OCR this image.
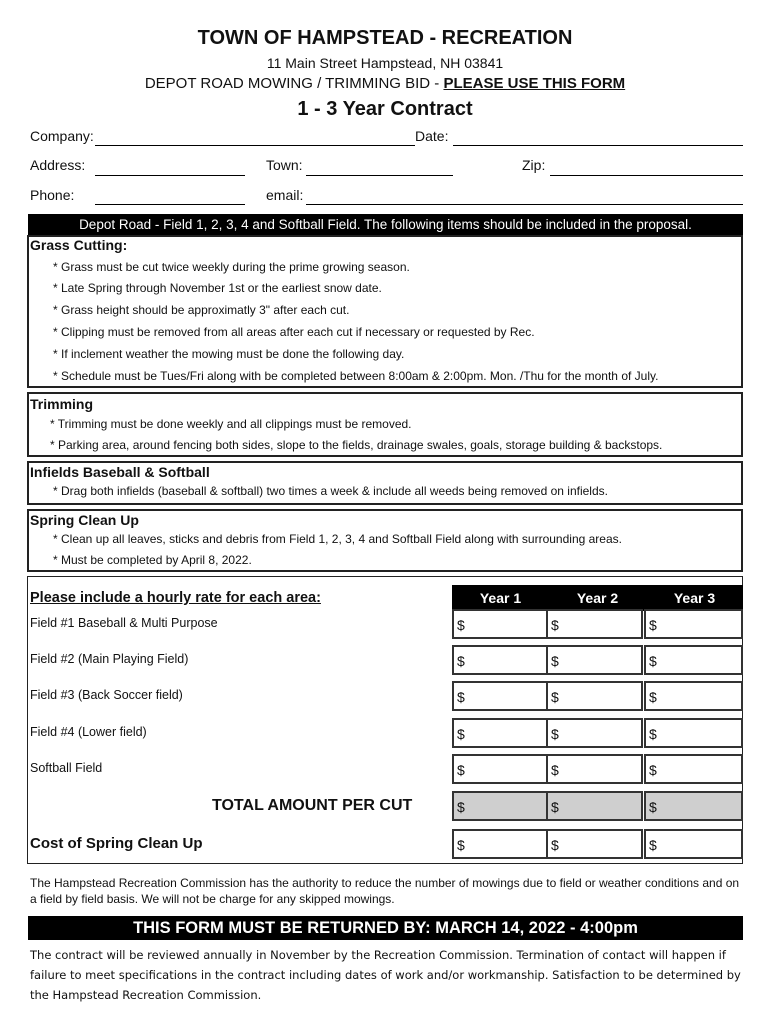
TOWN OF HAMPSTEAD - RECREATION
11 Main Street Hampstead, NH 03841
DEPOT ROAD MOWING / TRIMMING BID - PLEASE USE THIS FORM
1 - 3 Year Contract
Company:	Date:
Address:	Town:	Zip:
Phone:	email:
Depot Road - Field 1, 2, 3, 4 and Softball Field. The following items should be included in the proposal.
Grass Cutting:
* Grass must be cut twice weekly during the prime growing season.
* Late Spring through November 1st or the earliest snow date.
* Grass height should be approximatly 3" after each cut.
* Clipping must be removed from all areas after each cut if necessary or requested by Rec.
* If inclement weather the mowing must be done the following day.
* Schedule must be Tues/Fri along with be completed between 8:00am & 2:00pm. Mon. /Thu for the month of July.
Trimming
* Trimming must be done weekly and all clippings must be removed.
* Parking area, around fencing both sides, slope to the fields, drainage swales, goals, storage building & backstops.
Infields Baseball & Softball
* Drag both infields (baseball & softball) two times a week & include all weeds being removed on infields.
Spring Clean Up
* Clean up all leaves, sticks and debris from Field 1, 2, 3, 4 and Softball Field along with surrounding areas.
* Must be completed by April 8, 2022.
Please include a hourly rate for each area:	Year 1	Year 2	Year 3
Field #1 Baseball & Multi Purpose	$	$	$
Field #2 (Main Playing Field)	$	$	$
Field #3 (Back Soccer field)	$	$	$
Field #4 (Lower field)	$	$	$
Softball Field	$	$	$
TOTAL AMOUNT PER CUT	$	$	$
Cost of Spring Clean Up	$	$	$
The Hampstead Recreation Commission has the authority to reduce the number of mowings due to field or weather conditions and on a field by field basis. We will not be charge for any skipped mowings.
THIS FORM MUST BE RETURNED BY: MARCH 14, 2022 - 4:00pm
The contract will be reviewed annually in November by the Recreation Commission. Termination of contact will happen if failure to meet specifications in the contract including dates of work and/or workmanship. Satisfaction to be determined by the Hampstead Recreation Commission.
